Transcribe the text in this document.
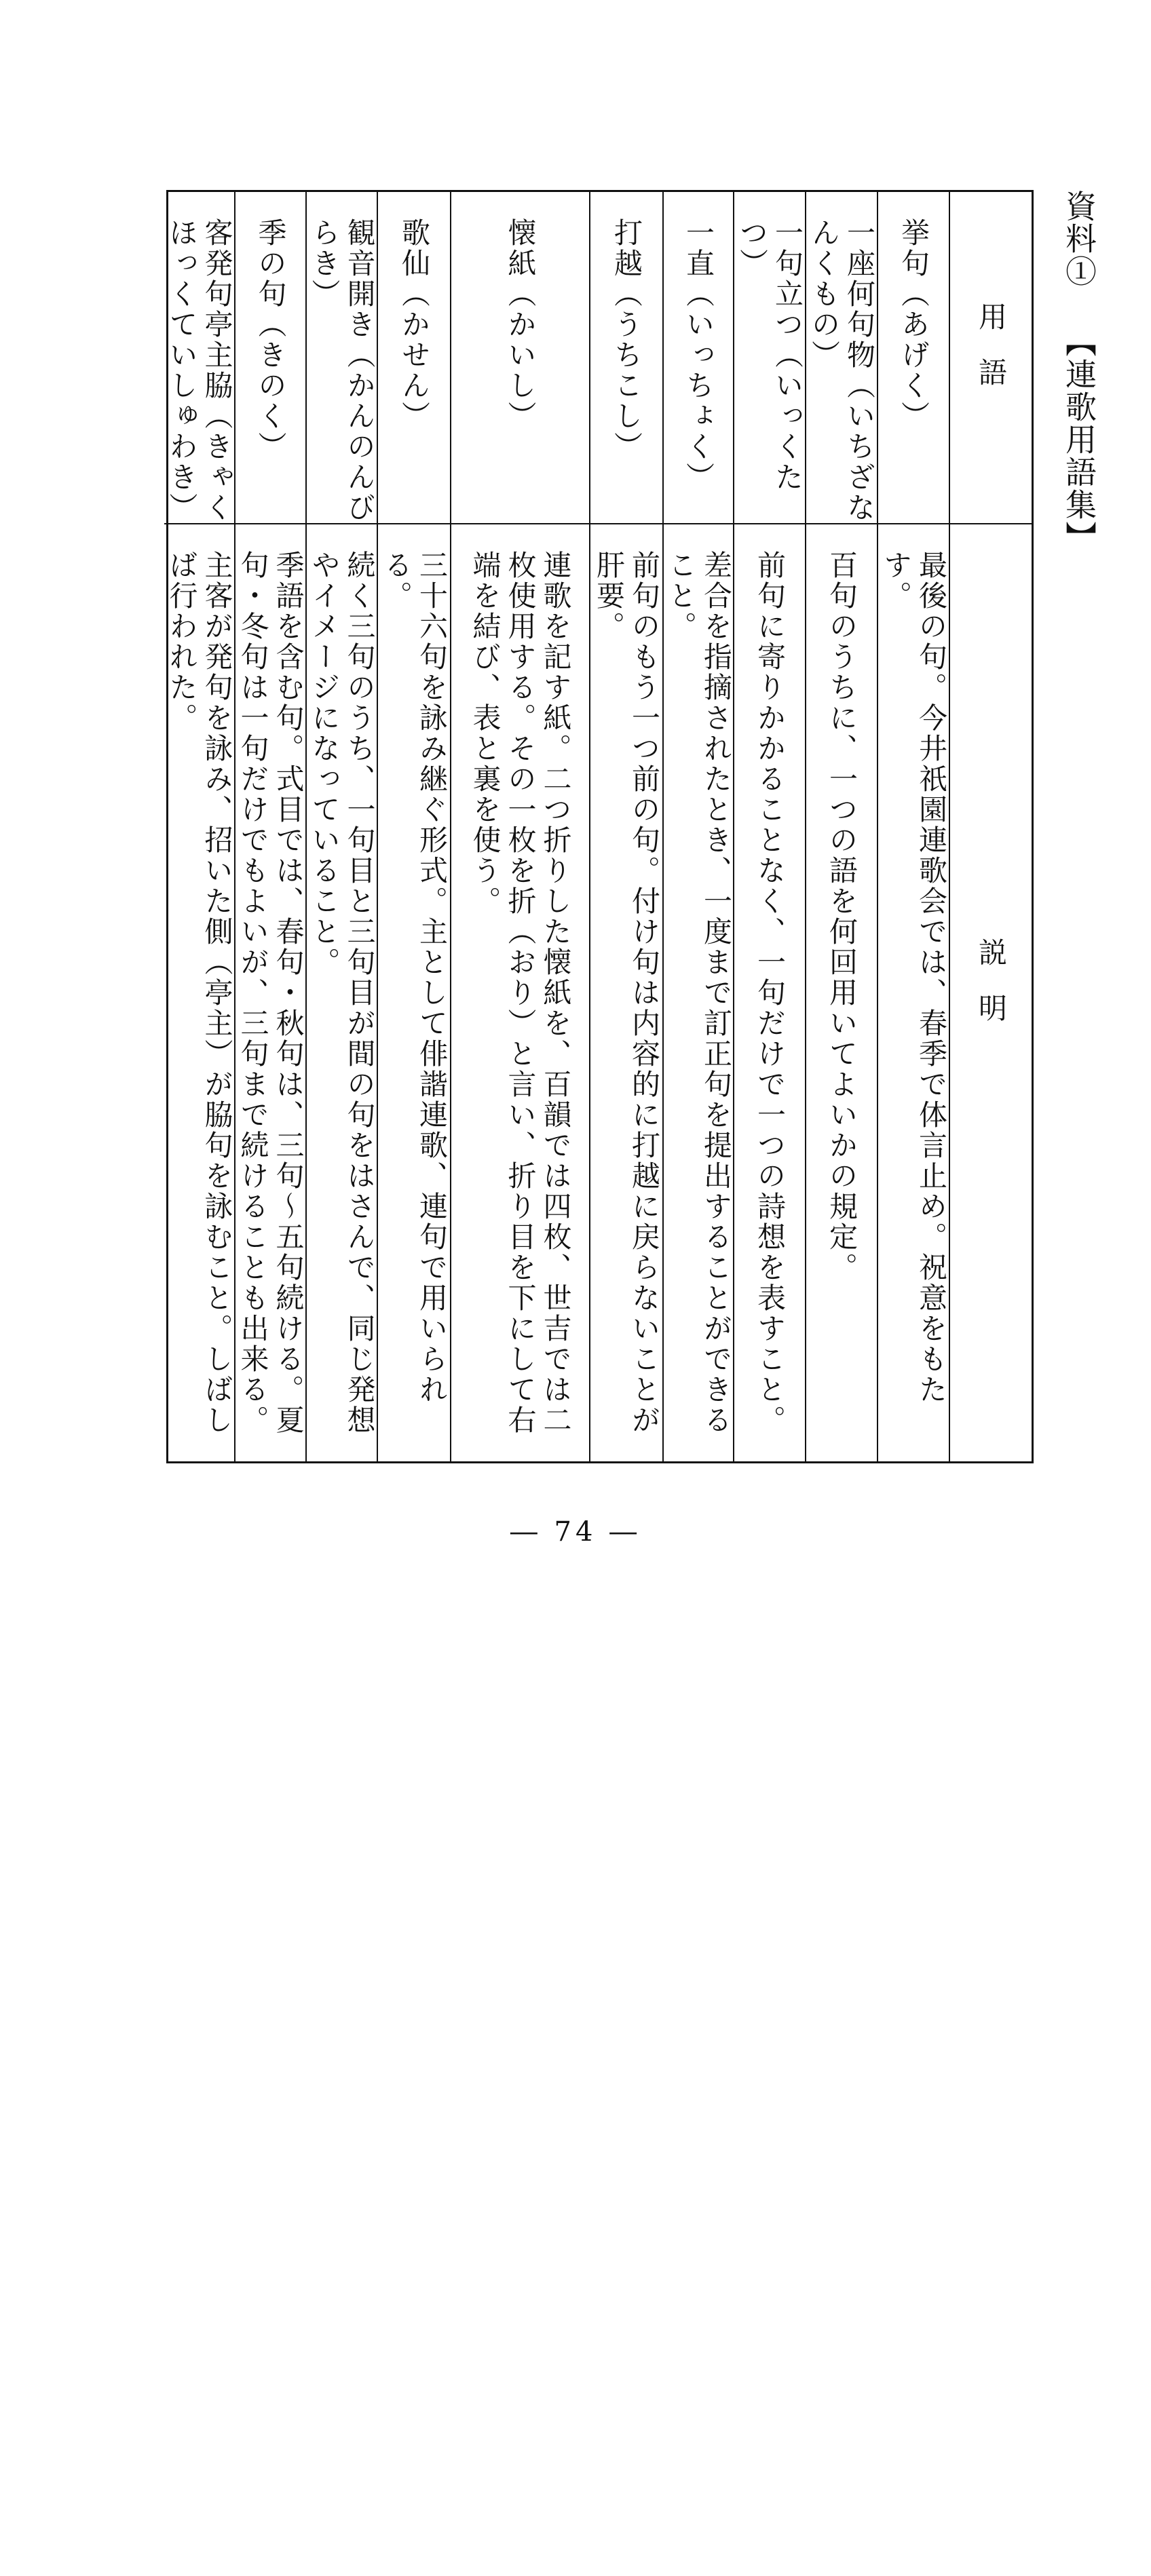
資料① 【連歌用語集】
用語
説明
挙句（あげく）
最後の句。今井祇園連歌会では、春季で体言止め。祝意をもたす。
一座何句物（いちざなんくもの）
百句のうちに、一つの語を何回用いてよいかの規定。
一句立つ（いっくたつ）
前句に寄りかかることなく、一句だけで一つの詩想を表すこと。
一直（いっちょく）
差合を指摘されたとき、一度まで訂正句を提出することができること。
打越（うちこし）
前句のもう一つ前の句。付け句は内容的に打越に戻らないことが肝要。
懐紙（かいし）
連歌を記す紙。二つ折りした懐紙を、百韻では四枚、世吉では二枚使用する。その一枚を折（おり）と言い、折り目を下にして右端を結び、表と裏を使う。
歌仙（かせん）
三十六句を詠み継ぐ形式。主として俳諧連歌、連句で用いられる。
観音開き（かんのんびらき）
続く三句のうち、一句目と三句目が間の句をはさんで、同じ発想やイメージになっていること。
季の句（きのく）
季語を含む句。式目では、春句・秋句は、三句～五句続ける。夏句・冬句は一句だけでもよいが、三句まで続けることも出来る。
客発句亭主脇（きゃくほっくていしゅわき）
主客が発句を詠み、招いた側（亭主）が脇句を詠むこと。しばしば行われた。
― 74 ―
